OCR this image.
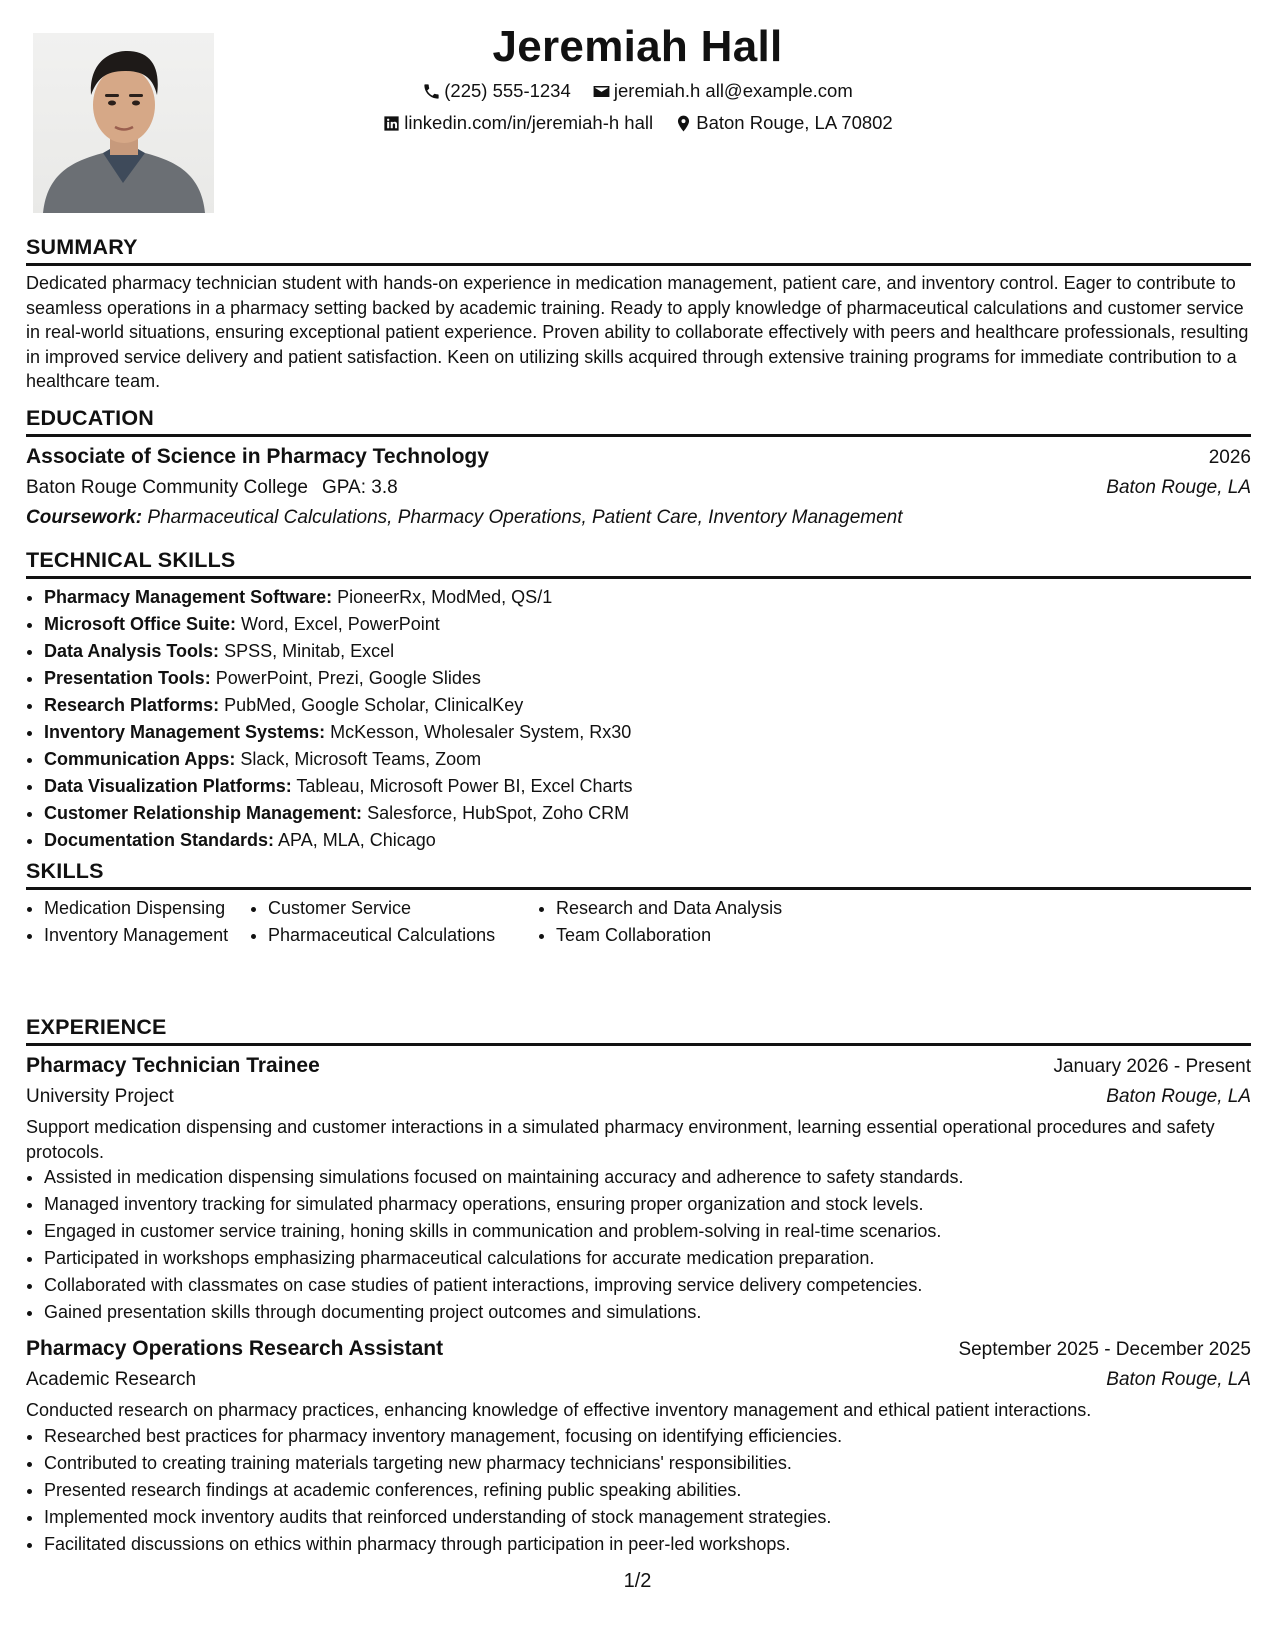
Jeremiah Hall
(225) 555-1234
jeremiah.h all@example.com
linkedin.com/in/jeremiah-h hall
Baton Rouge, LA 70802
SUMMARY

Dedicated pharmacy technician student with hands-on experience in medication management, patient care, and inventory control. Eager to contribute to seamless operations in a pharmacy setting backed by academic training. Ready to apply knowledge of pharmaceutical calculations and customer service in real-world situations, ensuring exceptional patient experience. Proven ability to collaborate effectively with peers and healthcare professionals, resulting in improved service delivery and patient satisfaction. Keen on utilizing skills acquired through extensive training programs for immediate contribution to a healthcare team.

EDUCATION
Associate of Science in Pharmacy Technology	2026
Baton Rouge Community College GPA: 3.8	Baton Rouge, LA
Coursework: Pharmaceutical Calculations, Pharmacy Operations, Patient Care, Inventory Management
TECHNICAL SKILLS
• Pharmacy Management Software: PioneerRx, ModMed, QS/1
• Microsoft Office Suite: Word, Excel, PowerPoint
• Data Analysis Tools: SPSS, Minitab, Excel
• Presentation Tools: PowerPoint, Prezi, Google Slides
• Research Platforms: PubMed, Google Scholar, ClinicalKey
• Inventory Management Systems: McKesson, Wholesaler System, Rx30
• Communication Apps: Slack, Microsoft Teams, Zoom
• Data Visualization Platforms: Tableau, Microsoft Power BI, Excel Charts
• Customer Relationship Management: Salesforce, HubSpot, Zoho CRM
• Documentation Standards: APA, MLA, Chicago
SKILLS
• Medication Dispensing
• Inventory Management
• Customer Service
• Pharmaceutical Calculations
• Research and Data Analysis
• Team Collaboration
EXPERIENCE
Pharmacy Technician Trainee	January 2026 - Present
University Project	Baton Rouge, LA

Support medication dispensing and customer interactions in a simulated pharmacy environment, learning essential operational procedures and safety protocols.

• Assisted in medication dispensing simulations focused on maintaining accuracy and adherence to safety standards.
• Managed inventory tracking for simulated pharmacy operations, ensuring proper organization and stock levels.
• Engaged in customer service training, honing skills in communication and problem-solving in real-time scenarios.
• Participated in workshops emphasizing pharmaceutical calculations for accurate medication preparation.
• Collaborated with classmates on case studies of patient interactions, improving service delivery competencies.
• Gained presentation skills through documenting project outcomes and simulations.
Pharmacy Operations Research Assistant	September 2025 - December 2025
Academic Research	Baton Rouge, LA

Conducted research on pharmacy practices, enhancing knowledge of effective inventory management and ethical patient interactions.

• Researched best practices for pharmacy inventory management, focusing on identifying efficiencies.
• Contributed to creating training materials targeting new pharmacy technicians' responsibilities.
• Presented research findings at academic conferences, refining public speaking abilities.
• Implemented mock inventory audits that reinforced understanding of stock management strategies.
• Facilitated discussions on ethics within pharmacy through participation in peer-led workshops.
1/2
